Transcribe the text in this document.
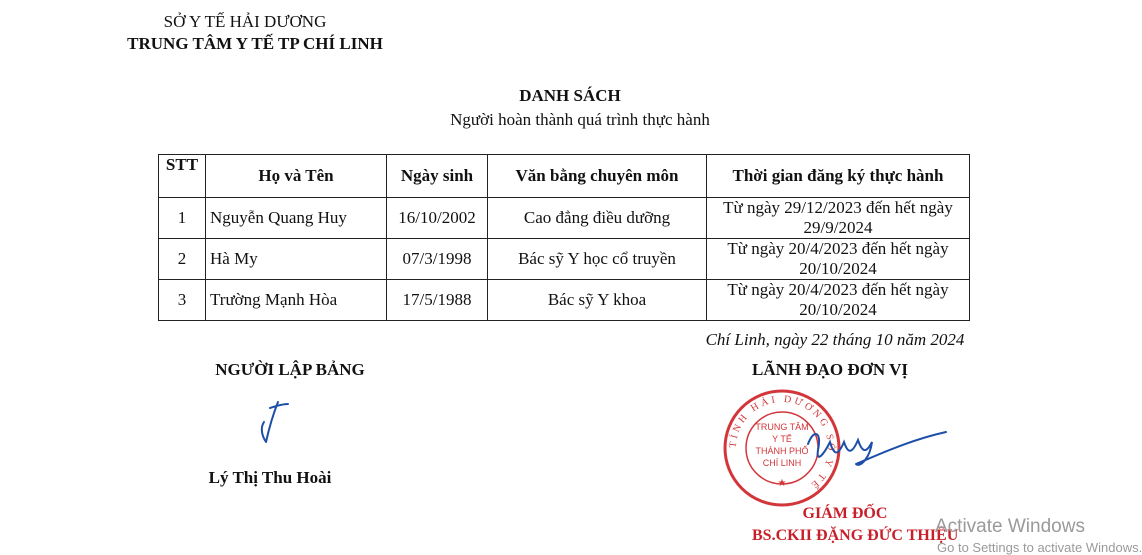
SỞ Y TẾ HẢI DƯƠNG
TRUNG TÂM Y TẾ TP CHÍ LINH
DANH SÁCH
Người hoàn thành quá trình thực hành
STT	Họ và Tên	Ngày sinh	Văn bằng chuyên môn	Thời gian đăng ký thực hành
1	Nguyễn Quang Huy	16/10/2002	Cao đẳng điều dưỡng	Từ ngày 29/12/2023 đến hết ngày 29/9/2024
2	Hà My	07/3/1998	Bác sỹ Y học cổ truyền	Từ ngày 20/4/2023 đến hết ngày 20/10/2024
3	Trường Mạnh Hòa	17/5/1988	Bác sỹ Y khoa	Từ ngày 20/4/2023 đến hết ngày 20/10/2024
Chí Linh, ngày 22 tháng 10 năm 2024
NGƯỜI LẬP BẢNG	LÃNH ĐẠO ĐƠN VỊ
Lý Thị Thu Hoài
TỈNH HẢI DƯƠNG SỞ Y TẾ
TRUNG TÂM
Y TẾ
THÀNH PHỐ
CHÍ LINH
★
GIÁM ĐỐC
BS.CKII ĐẶNG ĐỨC THIỆU
Activate Windows
Go to Settings to activate Windows.
